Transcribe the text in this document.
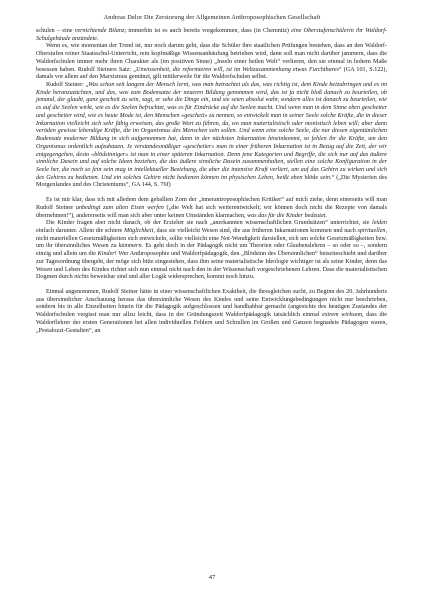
Andreas Delor Die Zerstorung der Allgemeinen Anthroposophischen Gesellschaft

schulen – eine vernichtende Bilanz; immerhin ist es auch bereits vorgekommen, dass (in Chemnitz) eine Oberstufenschülerin ihr Waldorf-Schulgebäude anzündete.

Wenn es, wie momentan der Trend ist, nur noch darum geht, dass die Schüler ihre staatlichen Prüfungen bestehen, dass an den Waldorf-Oberstufen reiner Staatsschul-Unterricht, rein kopfmäßige Wissensanhäufung betrieben wird, dann soll man nicht darüber jammern, dass die Waldorfschulen immer mehr ihren Charakter als (im positiven Sinne) „Inseln einer heilen Welt“ verlieren, den sie einmal in hohem Maße besessen haben. Rudolf Steiners Satz: „Unwissenheit, die reformieren will, ist im Weltzusammenhang etwas Furchtbares“ (GA 101, S.122), damals vor allem auf den Marxismus gemünzt, gilt mittlerweile für die Waldorfschulen selbst.

Rudolf Steiner: „Was schon seit langem der Mensch lernt, was man betrachtet als das, was richtig ist, dem Kinde beizubringen und es im Kinde heranzuzüchten, und das, was zum Bodensatze der neueren Bildung genommen wird, das ist ja nicht bloß danach zu beurteilen, ob jemand, der glaubt, ganz gescheit zu sein, sagt, er sehe die Dinge ein, und sie seien absolut wahr, sondern alles ist danach zu beurteilen, wie es auf die Seelen wirkt, wie es die Seelen befruchtet, was es für Eindrücke auf die Seelen macht. Und wenn man in dem Sinne eben gescheiter und gescheiter wird, wie es heute Mode ist, den Menschen «gescheit» zu nennen, so entwickelt man in seiner Seele solche Kräfte, die in dieser Inkarnation vielleicht sich sehr fähig erweisen, das große Wort zu führen, da, wo man materialistisch oder monistisch leben will; aber dann veröden gewisse lebendige Kräfte, die im Organismus des Menschen sein sollen. Und wenn eine solche Seele, die nur diesen eigentümlichen Bodensatz moderner Bildung in sich aufgenommen hat, dann in der nächsten Inkarnation hineinkommt, so fehlen ihr die Kräfte, um den Organismus ordentlich aufzubauen. Je verstandesmäßiger «gescheiter» man in einer früheren Inkarnation ist in Bezug auf die Zeit, der wir entgegengehen, desto «blödsinniger» ist man in einer späteren Inkarnation. Denn jene Kategorien und Begriffe, die sich nur auf das äußere sinnliche Dasein und auf solche Ideen beziehen, die das äußere sinnliche Dasein zusammenhalten, stellen eine solche Konfiguration in der Seele her, die noch so fein sein mag in intellektueller Beziehung, die aber die intensive Kraft verliert, um auf das Gehirn zu wirken und sich des Gehirns zu bedienen. Und ein solches Gehirn nicht bedienen können im physischen Leben, heißt eben blöde sein.“ („Die Mysterien des Morgenlandes und des Christentums“, GA 144, S. 76f)

Es ist mir klar, dass ich mit alledem dem geballten Zorn der „innerantroposophischen Kritiker“ auf mich ziehe, denn einerseits will man Rudolf Steiner unbedingt zum alten Eisen werfen („die Welt hat sich weiterentwickelt; wir können doch nicht die Rezepte von damals übernehmen!“), andererseits will man sich aber unter keinen Umständen klarmachen, was das für die Kinder bedeutet.

Die Kinder fragen aber nicht danach, ob der Erzieher sie nach „anerkannten wissenschaftlichen Grundsätzen“ unterrichtet, sie leiden einfach darunter. Allein die schiere Möglichkeit, dass sie vielleicht Wesen sind, die aus früheren Inkarnationen kommen und nach spirituellen, nicht materiellen Gesetzmäßigkeiten sich entwickeln, sollte vielleicht eine Not-Wendigkeit darstellen, sich um solche Gesetzmäßigkeiten bzw. um ihr übersinnliches Wesen zu kümmern. Es geht doch in der Pädagogik nicht um Theorien oder Glaubenslehren – so oder so –, sondern einzig und allein um die Kinder! Wer Anthroposophie und Waldorfpädagogik, den „Blödsinn des Übersinnlichen“ beiseiteschiebt und darüber zur Tagesordnung übergeht, der möge sich bitte eingestehen, dass ihm seine materialistische Ideologie wichtiger ist als seine Kinder, denn das Wesen und Leben des Kindes richtet sich nun einmal nicht nach den in der Wissenschaft vorgeschriebenen Lehren. Dass die materialistischen Dogmen durch nichts beweisbar sind und aller Logik widersprechen, kommt noch hinzu.

Einmal angenommen, Rudolf Steiner hätte in einer wissenschaftlichen Exaktheit, die ihresgleichen sucht, zu Beginn des 20. Jahrhunderts aus übersinnlicher Anschauung heraus das übersinnliche Wesen des Kindes und seine Entwicklungsbedingungen nicht nur beschrieben, sondern bis in alle Einzelheiten hinein für die Pädagogik aufgeschlossen und handhabbar gemacht (angesichts des heutigen Zustandes der Waldorfschulen vergisst man nur allzu leicht, dass in der Gründungszeit Waldorfpädagogik tatsächlich einmal extrem wirksam, dass die Waldorflehrer der ersten Generationen bei allen individuellen Fehlern und Schrullen im Großen und Ganzen begnadete Pädagogen waren, „Pestalozzi-Gestalten“, an

47
